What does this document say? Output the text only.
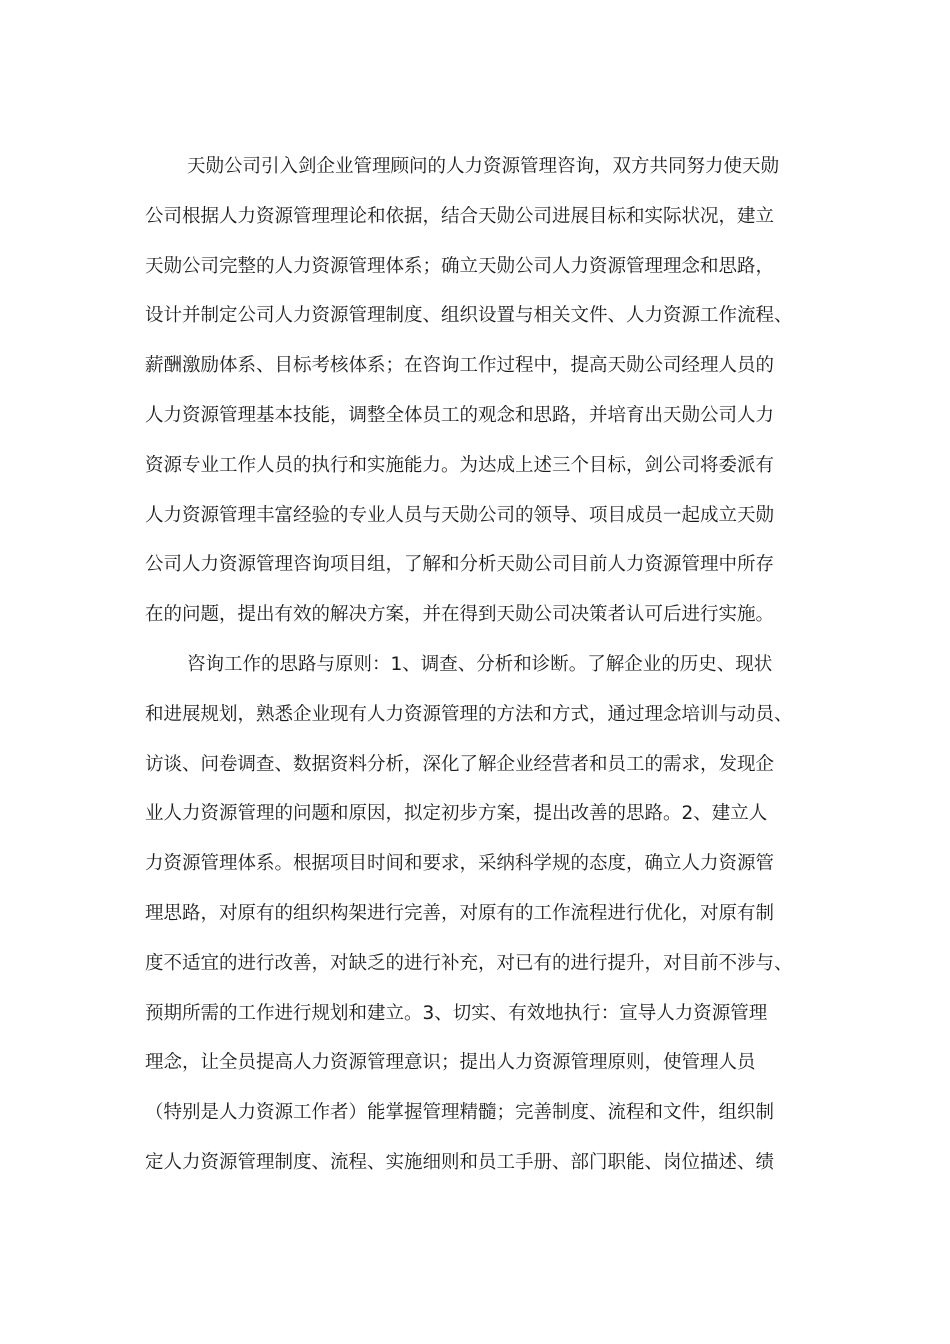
天勋公司引入剑企业管理顾问的人力资源管理咨询，双方共同努力使天勋
公司根据人力资源管理理论和依据，结合天勋公司进展目标和实际状况，建立
天勋公司完整的人力资源管理体系；确立天勋公司人力资源管理理念和思路，
设计并制定公司人力资源管理制度、组织设置与相关文件、人力资源工作流程、
薪酬激励体系、目标考核体系；在咨询工作过程中，提高天勋公司经理人员的
人力资源管理基本技能，调整全体员工的观念和思路，并培育出天勋公司人力
资源专业工作人员的执行和实施能力。为达成上述三个目标，剑公司将委派有
人力资源管理丰富经验的专业人员与天勋公司的领导、项目成员一起成立天勋
公司人力资源管理咨询项目组，了解和分析天勋公司目前人力资源管理中所存
在的问题，提出有效的解决方案，并在得到天勋公司决策者认可后进行实施。
咨询工作的思路与原则：1、调查、分析和诊断。了解企业的历史、现状
和进展规划，熟悉企业现有人力资源管理的方法和方式，通过理念培训与动员、
访谈、问卷调查、数据资料分析，深化了解企业经营者和员工的需求，发现企
业人力资源管理的问题和原因，拟定初步方案，提出改善的思路。2、建立人
力资源管理体系。根据项目时间和要求，采纳科学规的态度，确立人力资源管
理思路，对原有的组织构架进行完善，对原有的工作流程进行优化，对原有制
度不适宜的进行改善，对缺乏的进行补充，对已有的进行提升，对目前不涉与、
预期所需的工作进行规划和建立。3、切实、有效地执行：宣导人力资源管理
理念，让全员提高人力资源管理意识；提出人力资源管理原则，使管理人员
（特别是人力资源工作者）能掌握管理精髓；完善制度、流程和文件，组织制
定人力资源管理制度、流程、实施细则和员工手册、部门职能、岗位描述、绩
